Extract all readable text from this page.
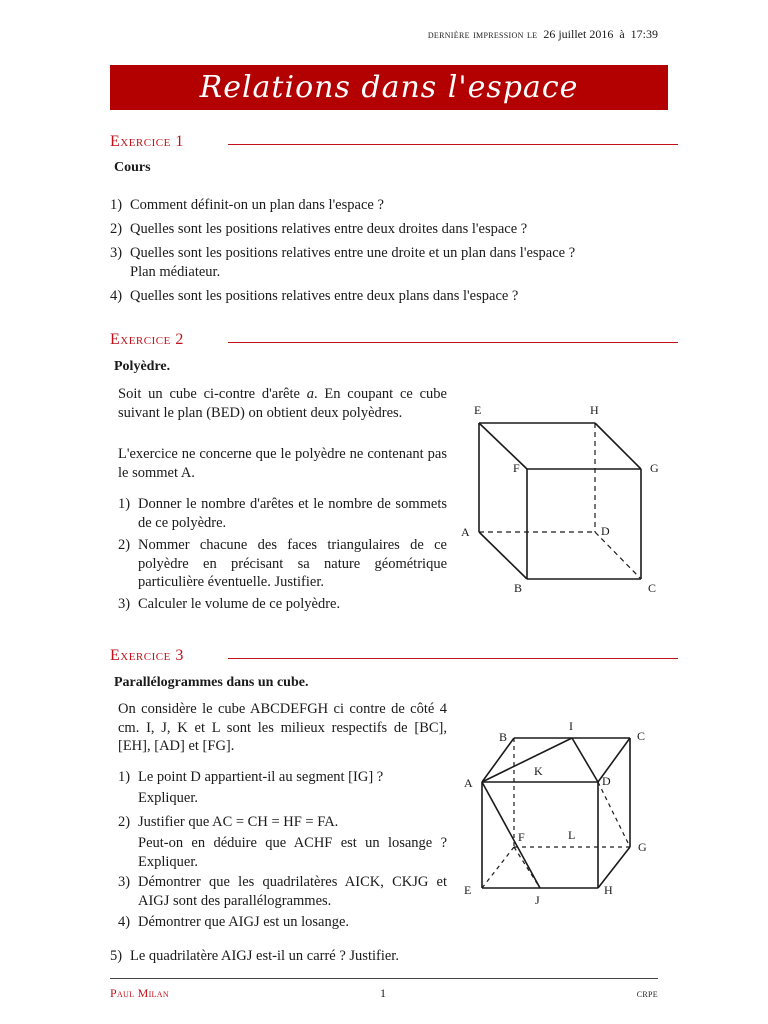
dernière impression le 26 juillet 2016 à 17:39
Relations dans l'espace
Exercice 1
Cours
1) Comment définit-on un plan dans l'espace ?
2) Quelles sont les positions relatives entre deux droites dans l'espace ?
3) Quelles sont les positions relatives entre une droite et un plan dans l'espace ?
Plan médiateur.
4) Quelles sont les positions relatives entre deux plans dans l'espace ?
Exercice 2
Polyèdre.
Soit un cube ci-contre d'arête a. En coupant ce cube suivant le plan (BED) on obtient deux polyèdres.
L'exercice ne concerne que le polyèdre ne contenant pas le sommet A.
1) Donner le nombre d'arêtes et le nombre de sommets de ce polyèdre.
2) Nommer chacune des faces triangulaires de ce polyèdre en précisant sa nature géométrique particulière éventuelle. Justifier.
3) Calculer le volume de ce polyèdre.
E	H
F	G
A	D
B	C
Exercice 3
Parallélogrammes dans un cube.
On considère le cube ABCDEFGH ci contre de côté 4 cm. I, J, K et L sont les milieux respectifs de [BC], [EH], [AD] et [FG].
1) Le point D appartient-il au segment [IG] ?
Expliquer.
2) Justifier que AC = CH = HF = FA.
Peut-on en déduire que ACHF est un losange ? Expliquer.
3) Démontrer que les quadrilatères AICK, CKJG et AIGJ sont des parallélogrammes.
4) Démontrer que AIGJ est un losange.
5) Le quadrilatère AIGJ est-il un carré ? Justifier.
B
I
C
A
K
D
F	L
G
E	H
J
Paul Milan	1	crpe
